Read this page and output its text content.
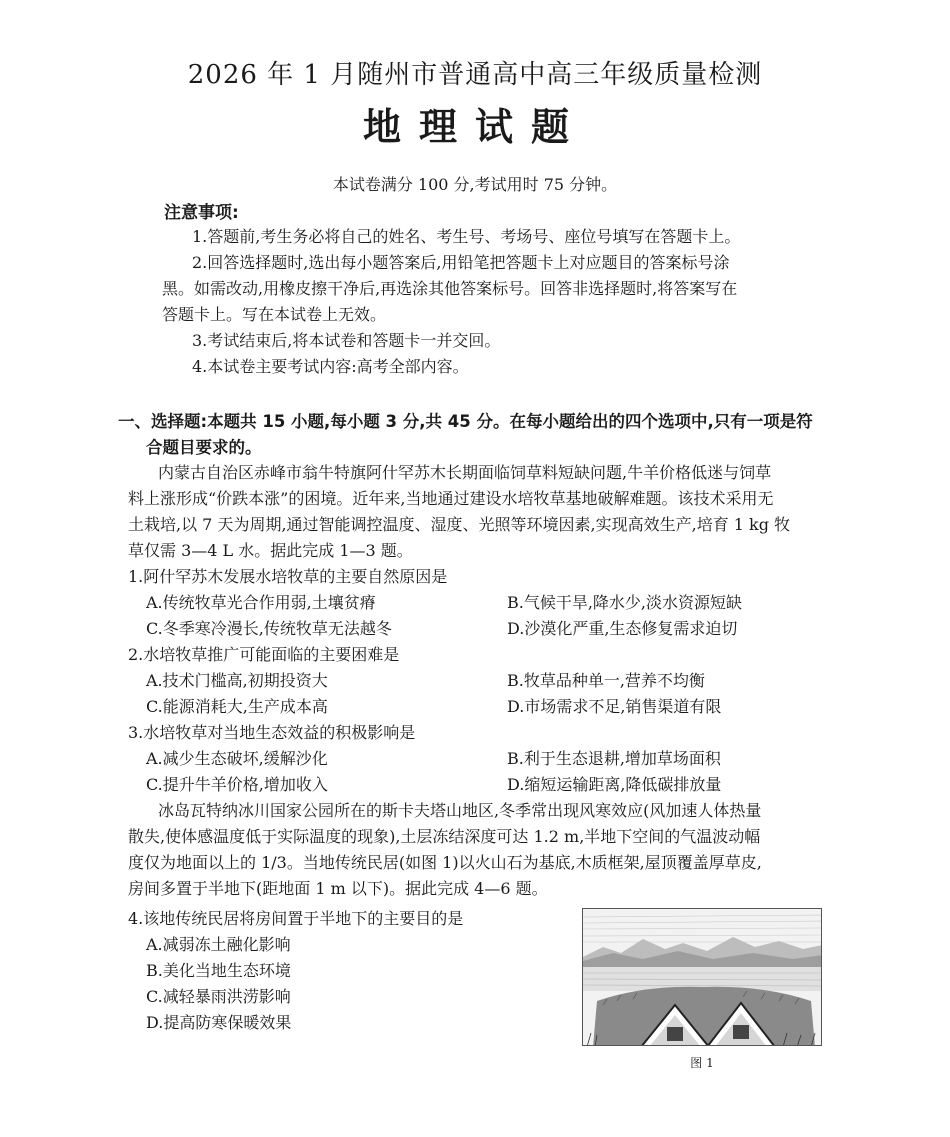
2026 年 1 月随州市普通高中高三年级质量检测
地理试题
本试卷满分 100 分,考试用时 75 分钟。
注意事项:
1.答题前,考生务必将自己的姓名、考生号、考场号、座位号填写在答题卡上。
2.回答选择题时,选出每小题答案后,用铅笔把答题卡上对应题目的答案标号涂
黑。如需改动,用橡皮擦干净后,再选涂其他答案标号。回答非选择题时,将答案写在
答题卡上。写在本试卷上无效。
3.考试结束后,将本试卷和答题卡一并交回。
4.本试卷主要考试内容:高考全部内容。
一、选择题:本题共 15 小题,每小题 3 分,共 45 分。在每小题给出的四个选项中,只有一项是符
合题目要求的。
内蒙古自治区赤峰市翁牛特旗阿什罕苏木长期面临饲草料短缺问题,牛羊价格低迷与饲草
料上涨形成“价跌本涨”的困境。近年来,当地通过建设水培牧草基地破解难题。该技术采用无
土栽培,以 7 天为周期,通过智能调控温度、湿度、光照等环境因素,实现高效生产,培育 1 kg 牧
草仅需 3—4 L 水。据此完成 1—3 题。
1.阿什罕苏木发展水培牧草的主要自然原因是
A.传统牧草光合作用弱,土壤贫瘠	B.气候干旱,降水少,淡水资源短缺
C.冬季寒冷漫长,传统牧草无法越冬	D.沙漠化严重,生态修复需求迫切
2.水培牧草推广可能面临的主要困难是
A.技术门槛高,初期投资大	B.牧草品种单一,营养不均衡
C.能源消耗大,生产成本高	D.市场需求不足,销售渠道有限
3.水培牧草对当地生态效益的积极影响是
A.减少生态破坏,缓解沙化	B.利于生态退耕,增加草场面积
C.提升牛羊价格,增加收入	D.缩短运输距离,降低碳排放量
冰岛瓦特纳冰川国家公园所在的斯卡夫塔山地区,冬季常出现风寒效应(风加速人体热量
散失,使体感温度低于实际温度的现象),土层冻结深度可达 1.2 m,半地下空间的气温波动幅
度仅为地面以上的 1/3。当地传统民居(如图 1)以火山石为基底,木质框架,屋顶覆盖厚草皮,
房间多置于半地下(距地面 1 m 以下)。据此完成 4—6 题。
4.该地传统民居将房间置于半地下的主要目的是
A.减弱冻土融化影响
B.美化当地生态环境
C.减轻暴雨洪涝影响
D.提高防寒保暖效果
图 1
